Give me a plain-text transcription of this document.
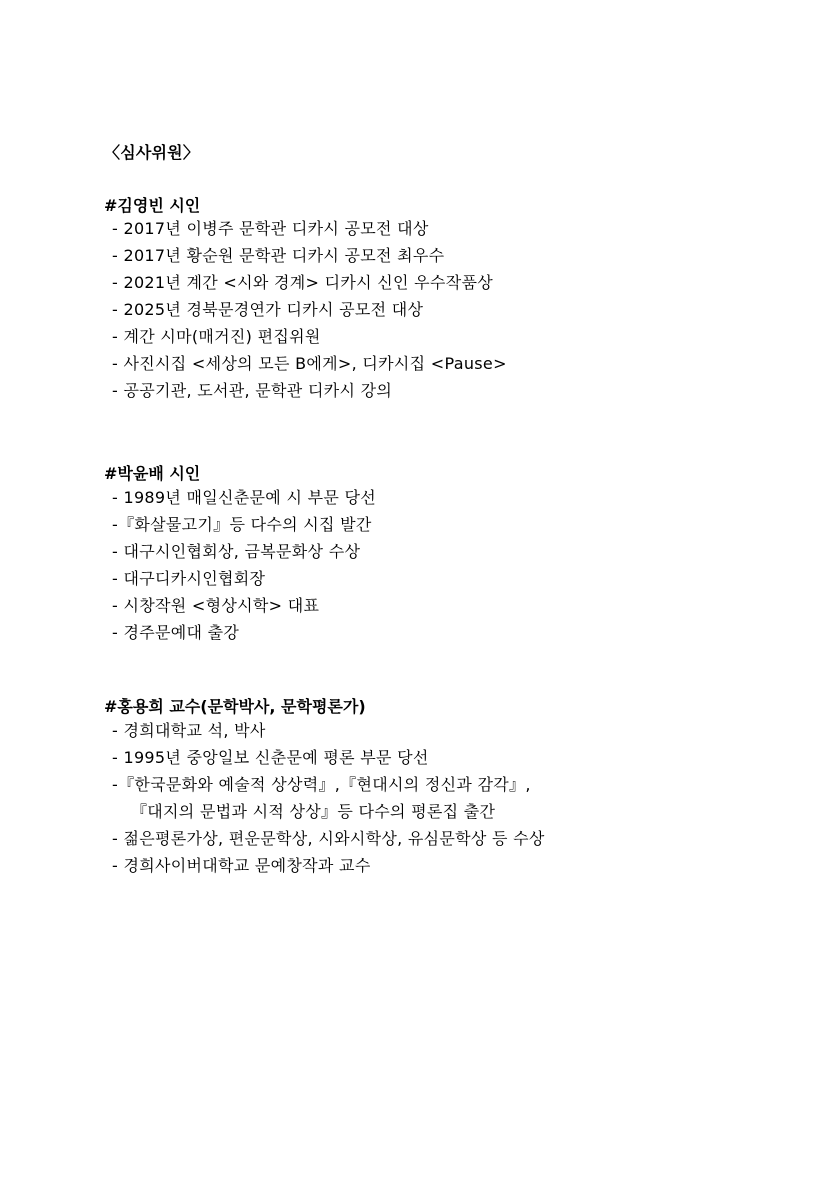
〈심사위원〉
#김영빈 시인
- 2017년 이병주 문학관 디카시 공모전 대상
- 2017년 황순원 문학관 디카시 공모전 최우수
- 2021년 계간 <시와 경계> 디카시 신인 우수작품상
- 2025년 경북문경연가 디카시 공모전 대상
- 계간 시마(매거진) 편집위원
- 사진시집 <세상의 모든 B에게>, 디카시집 <Pause>
- 공공기관, 도서관, 문학관 디카시 강의
#박윤배 시인
- 1989년 매일신춘문예 시 부문 당선
-『화살물고기』등 다수의 시집 발간
- 대구시인협회상, 금복문화상 수상
- 대구디카시인협회장
- 시창작원 <형상시학> 대표
- 경주문예대 출강
#홍용희 교수(문학박사, 문학평론가)
- 경희대학교 석, 박사
- 1995년 중앙일보 신춘문예 평론 부문 당선
-『한국문화와 예술적 상상력』,『현대시의 정신과 감각』,
『대지의 문법과 시적 상상』등 다수의 평론집 출간
- 젊은평론가상, 편운문학상, 시와시학상, 유심문학상 등 수상
- 경희사이버대학교 문예창작과 교수
